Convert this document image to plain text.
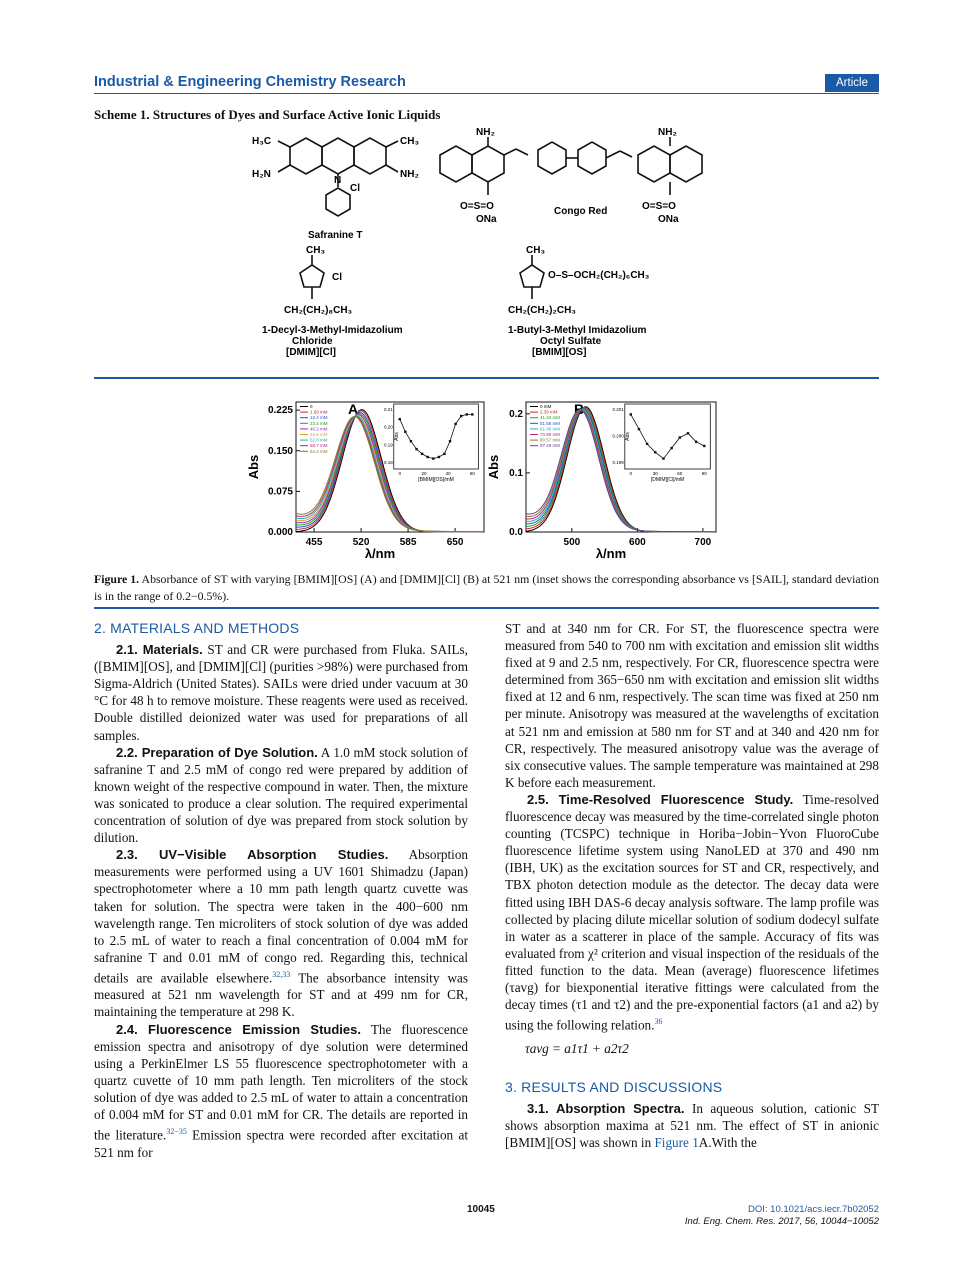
Industrial & Engineering Chemistry Research	Article
Scheme 1. Structures of Dyes and Surface Active Ionic Liquids
H₃C	CH₃
H₂N	NH₂
N
Cl
Safranine T
NH₂	NH₂
O=S=O
ONa
O=S=O
ONa
Congo Red
CH₃
Cl
CH₂(CH₂)₈CH₃
1-Decyl-3-Methyl-Imidazolium
Chloride
[DMIM][Cl]
CH₃
O–S–OCH₂(CH₂)₆CH₃
CH₂(CH₂)₂CH₃
1-Butyl-3-Methyl Imidazolium
Octyl Sulfate
[BMIM][OS]
455	520	585	650
0.000
0.075
0.150
0.225
λ/nm
Abs
A
0
1.69 mM
12.4 mM
23.4 mM
40.2 mM
46.6 mM
52.8 mM
58.7 mM
64.4 mM
0.21
0.20
0.19
0.18
0	20	40	60
[BMIM][OS]/mM
Abs
500	600	700
0.0
0.1
0.2
λ/nm
Abs
B
0 mM
2.39 mM
41.34 mM
51.55 mM
61.40 mM
70.90 mM
80.57 mM
97.49 mM
0.201
0.200
0.199
0	30	60	90
[DMIM][Cl]/mM
Abs
Figure 1. Absorbance of ST with varying [BMIM][OS] (A) and [DMIM][Cl] (B) at 521 nm (inset shows the corresponding absorbance vs [SAIL], standard deviation is in the range of 0.2−0.5%).
2. MATERIALS AND METHODS

2.1. Materials. ST and CR were purchased from Fluka. SAILs, ([BMIM][OS], and [DMIM][Cl] (purities >98%) were purchased from Sigma-Aldrich (United States). SAILs were dried under vacuum at 30 °C for 48 h to remove moisture. These reagents were used as received. Double distilled deionized water was used for preparations of all samples.

2.2. Preparation of Dye Solution. A 1.0 mM stock solution of safranine T and 2.5 mM of congo red were prepared by addition of known weight of the respective compound in water. Then, the mixture was sonicated to produce a clear solution. The required experimental concentration of solution of dye was prepared from stock solution by dilution.

2.3. UV−Visible Absorption Studies. Absorption measurements were performed using a UV 1601 Shimadzu (Japan) spectrophotometer where a 10 mm path length quartz cuvette was taken for solution. The spectra were taken in the 400−600 nm wavelength range. Ten microliters of stock solution of dye was added to 2.5 mL of water to reach a final concentration of 0.004 mM for safranine T and 0.01 mM of congo red. Regarding this, technical details are available elsewhere.$^{32,33}$ The absorbance intensity was measured at 521 nm wavelength for ST and at 499 nm for CR, maintaining the temperature at 298 K.

2.4. Fluorescence Emission Studies. The fluorescence emission spectra and anisotropy of dye solution were determined using a PerkinElmer LS 55 fluorescence spectrophotometer with a quartz cuvette of 10 mm path length. Ten microliters of the stock solution of dye was added to 2.5 mL of water to attain a concentration of 0.004 mM for ST and 0.01 mM for CR. The details are reported in the literature.$^{32-35}$ Emission spectra were recorded after excitation at 521 nm for

ST and at 340 nm for CR. For ST, the fluorescence spectra were measured from 540 to 700 nm with excitation and emission slit widths fixed at 9 and 2.5 nm, respectively. For CR, fluorescence spectra were determined from 365−650 nm with excitation and emission slit widths fixed at 12 and 6 nm, respectively. The scan time was fixed at 250 nm per minute. Anisotropy was measured at the wavelengths of excitation at 521 nm and emission at 580 nm for ST and at 340 and 420 nm for CR, respectively. The measured anisotropy value was the average of six consecutive values. The sample temperature was maintained at 298 K before each measurement.

2.5. Time-Resolved Fluorescence Study. Time-resolved fluorescence decay was measured by the time-correlated single photon counting (TCSPC) technique in Horiba−Jobin−Yvon FluoroCube fluorescence lifetime system using NanoLED at 370 and 490 nm (IBH, UK) as the excitation sources for ST and CR, respectively, and TBX photon detection module as the detector. The decay data were fitted using IBH DAS-6 decay analysis software. The lamp profile was collected by placing dilute micellar solution of sodium dodecyl sulfate in water as a scatterer in place of the sample. Accuracy of fits was evaluated from χ² criterion and visual inspection of the residuals of the fitted function to the data. Mean (average) fluorescence lifetimes (τavg) for biexponential iterative fittings were calculated from the decay times (τ1 and τ2) and the pre-exponential factors (a1 and a2) by using the following relation.$^{36}$

τavg = a1τ1 + a2τ2

3. RESULTS AND DISCUSSIONS

3.1. Absorption Spectra. In aqueous solution, cationic ST shows absorption maxima at 521 nm. The effect of ST in anionic [BMIM][OS] was shown in Figure 1A.With the

10045	DOI: 10.1021/acs.iecr.7b02052
Ind. Eng. Chem. Res. 2017, 56, 10044−10052
